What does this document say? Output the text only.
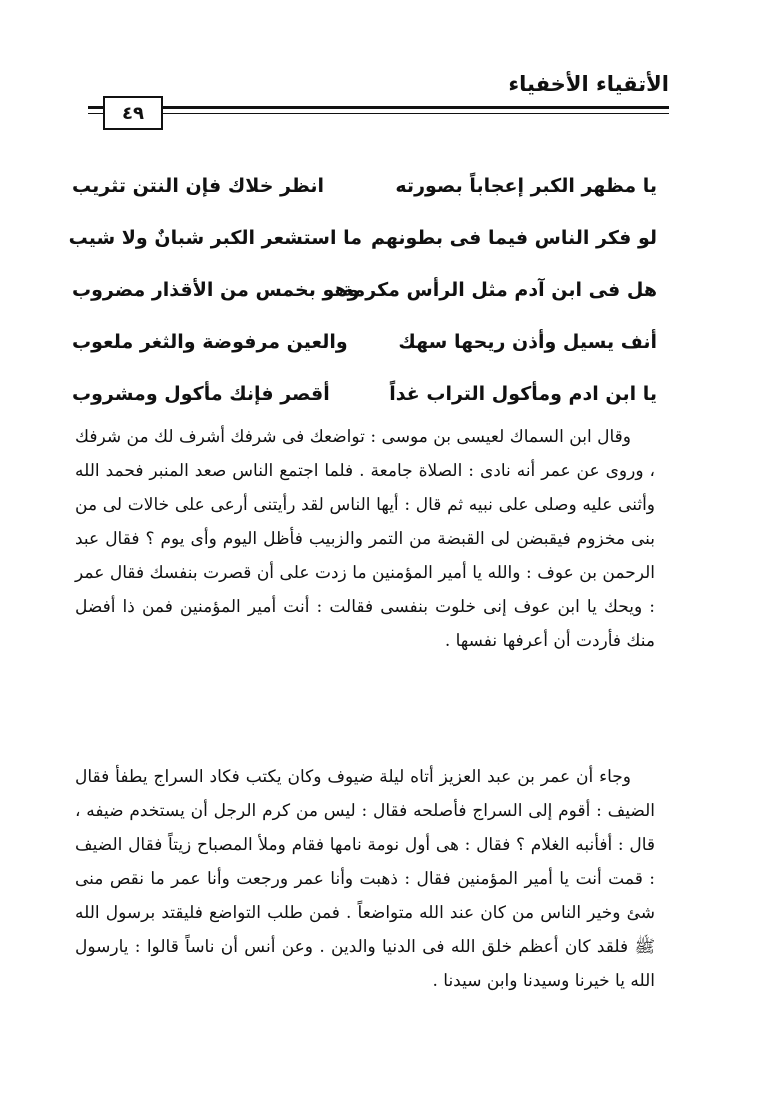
الأتقياء الأخفياء
٤٩
يا مظهر الكبر إعجاباً بصورته
انظر خلاك فإن النتن تثريب
لو فكر الناس فيما فى بطونهم
ما استشعر الكبر شبانٌ ولا شيب
هل فى ابن آدم مثل الرأس مكرمة
وهو بخمس من الأقذار مضروب
أنف يسيل وأذن ريحها سهك
والعين مرفوضة والثغر ملعوب
يا ابن ادم ومأكول التراب غداً
أقصر فإنك مأكول ومشروب
وقال ابن السماك لعيسى بن موسى : تواضعك فى شرفك أشرف لك من شرفك ، وروى عن عمر أنه نادى : الصلاة جامعة . فلما اجتمع الناس صعد المنبر فحمد الله وأثنى عليه وصلى على نبيه ثم قال : أيها الناس لقد رأيتنى أرعى على خالات لى من بنى مخزوم فيقبضن لى القبضة من التمر والزبيب فأظل اليوم وأى يوم ؟ فقال عبد الرحمن بن عوف : والله يا أمير المؤمنين ما زدت على أن قصرت بنفسك فقال عمر : ويحك يا ابن عوف إنى خلوت بنفسى فقالت : أنت أمير المؤمنين فمن ذا أفضل منك فأردت أن أعرفها نفسها .
وجاء أن عمر بن عبد العزيز أتاه ليلة ضيوف وكان يكتب فكاد السراج يطفأ فقال الضيف : أقوم إلى السراج فأصلحه فقال : ليس من كرم الرجل أن يستخدم ضيفه ، قال : أفأنبه الغلام ؟ فقال : هى أول نومة نامها فقام وملأ المصباح زيتاً فقال الضيف : قمت أنت يا أمير المؤمنين فقال : ذهبت وأنا عمر ورجعت وأنا عمر ما نقص منى شئ وخير الناس من كان عند الله متواضعاً . فمن طلب التواضع فليقتد برسول الله ﷺ فلقد كان أعظم خلق الله فى الدنيا والدين . وعن أنس أن ناساً قالوا : يارسول الله يا خيرنا وسيدنا وابن سيدنا .
